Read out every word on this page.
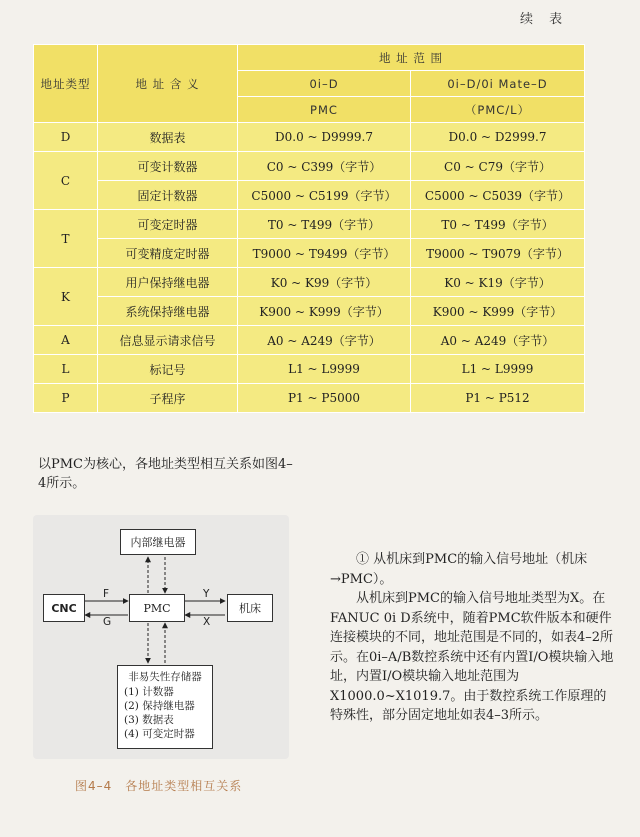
续 表
地址类型	地 址 含 义	地 址 范 围	
		0i–D	0i–D/0i Mate–D
		PMC	（PMC/L）
D	数据表	D0.0 ~ D9999.7	D0.0 ~ D2999.7
C	可变计数器	C0 ~ C399（字节）	C0 ~ C79（字节）
	固定计数器	C5000 ~ C5199（字节）	C5000 ~ C5039（字节）
T	可变定时器	T0 ~ T499（字节）	T0 ~ T499（字节）
	可变精度定时器	T9000 ~ T9499（字节）	T9000 ~ T9079（字节）
K	用户保持继电器	K0 ~ K99（字节）	K0 ~ K19（字节）
	系统保持继电器	K900 ~ K999（字节）	K900 ~ K999（字节）
A	信息显示请求信号	A0 ~ A249（字节）	A0 ~ A249（字节）
L	标记号	L1 ~ L9999	L1 ~ L9999
P	子程序	P1 ~ P5000	P1 ~ P512
以PMC为核心，各地址类型相互关系如图4–4所示。
内部继电器
CNC	PMC	机床
F
G
Y
X
非易失性存储器
(1) 计数器
(2) 保持继电器
(3) 数据表
(4) 可变定时器
图4–4　各地址类型相互关系

① 从机床到PMC的输入信号地址（机床→PMC）。

从机床到PMC的输入信号地址类型为X。在FANUC 0i D系统中，随着PMC软件版本和硬件连接模块的不同，地址范围是不同的，如表4–2所示。在0i–A/B数控系统中还有内置I/O模块输入地址，内置I/O模块输入地址范围为X1000.0~X1019.7。由于数控系统工作原理的特殊性，部分固定地址如表4–3所示。
